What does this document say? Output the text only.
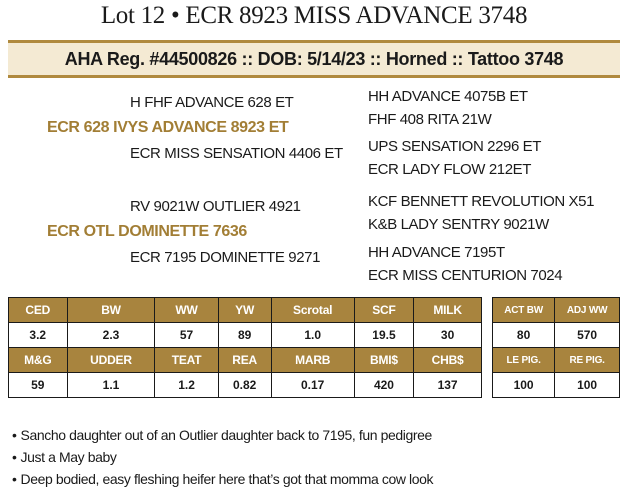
Lot 12 • ECR 8923 MISS ADVANCE 3748
AHA Reg. #44500826 :: DOB: 5/14/23 :: Horned :: Tattoo 3748
H FHF ADVANCE 628 ET
ECR 628 IVYS ADVANCE 8923 ET
ECR MISS SENSATION 4406 ET
RV 9021W OUTLIER 4921
ECR OTL DOMINETTE 7636
ECR 7195 DOMINETTE 9271
HH ADVANCE 4075B ET
FHF 408 RITA 21W
UPS SENSATION 2296 ET
ECR LADY FLOW 212ET
KCF BENNETT REVOLUTION X51
K&B LADY SENTRY 9021W
HH ADVANCE 7195T
ECR MISS CENTURION 7024
CED	BW	WW	YW	Scrotal	SCF	MILK
3.2	2.3	57	89	1.0	19.5	30
M&G	UDDER	TEAT	REA	MARB	BMI$	CHB$
59	1.1	1.2	0.82	0.17	420	137
ACT BW	ADJ WW
80	570
LE PIG.	RE PIG.
100	100
• Sancho daughter out of an Outlier daughter back to 7195, fun pedigree
• Just a May baby
• Deep bodied, easy fleshing heifer here that’s got that momma cow look
